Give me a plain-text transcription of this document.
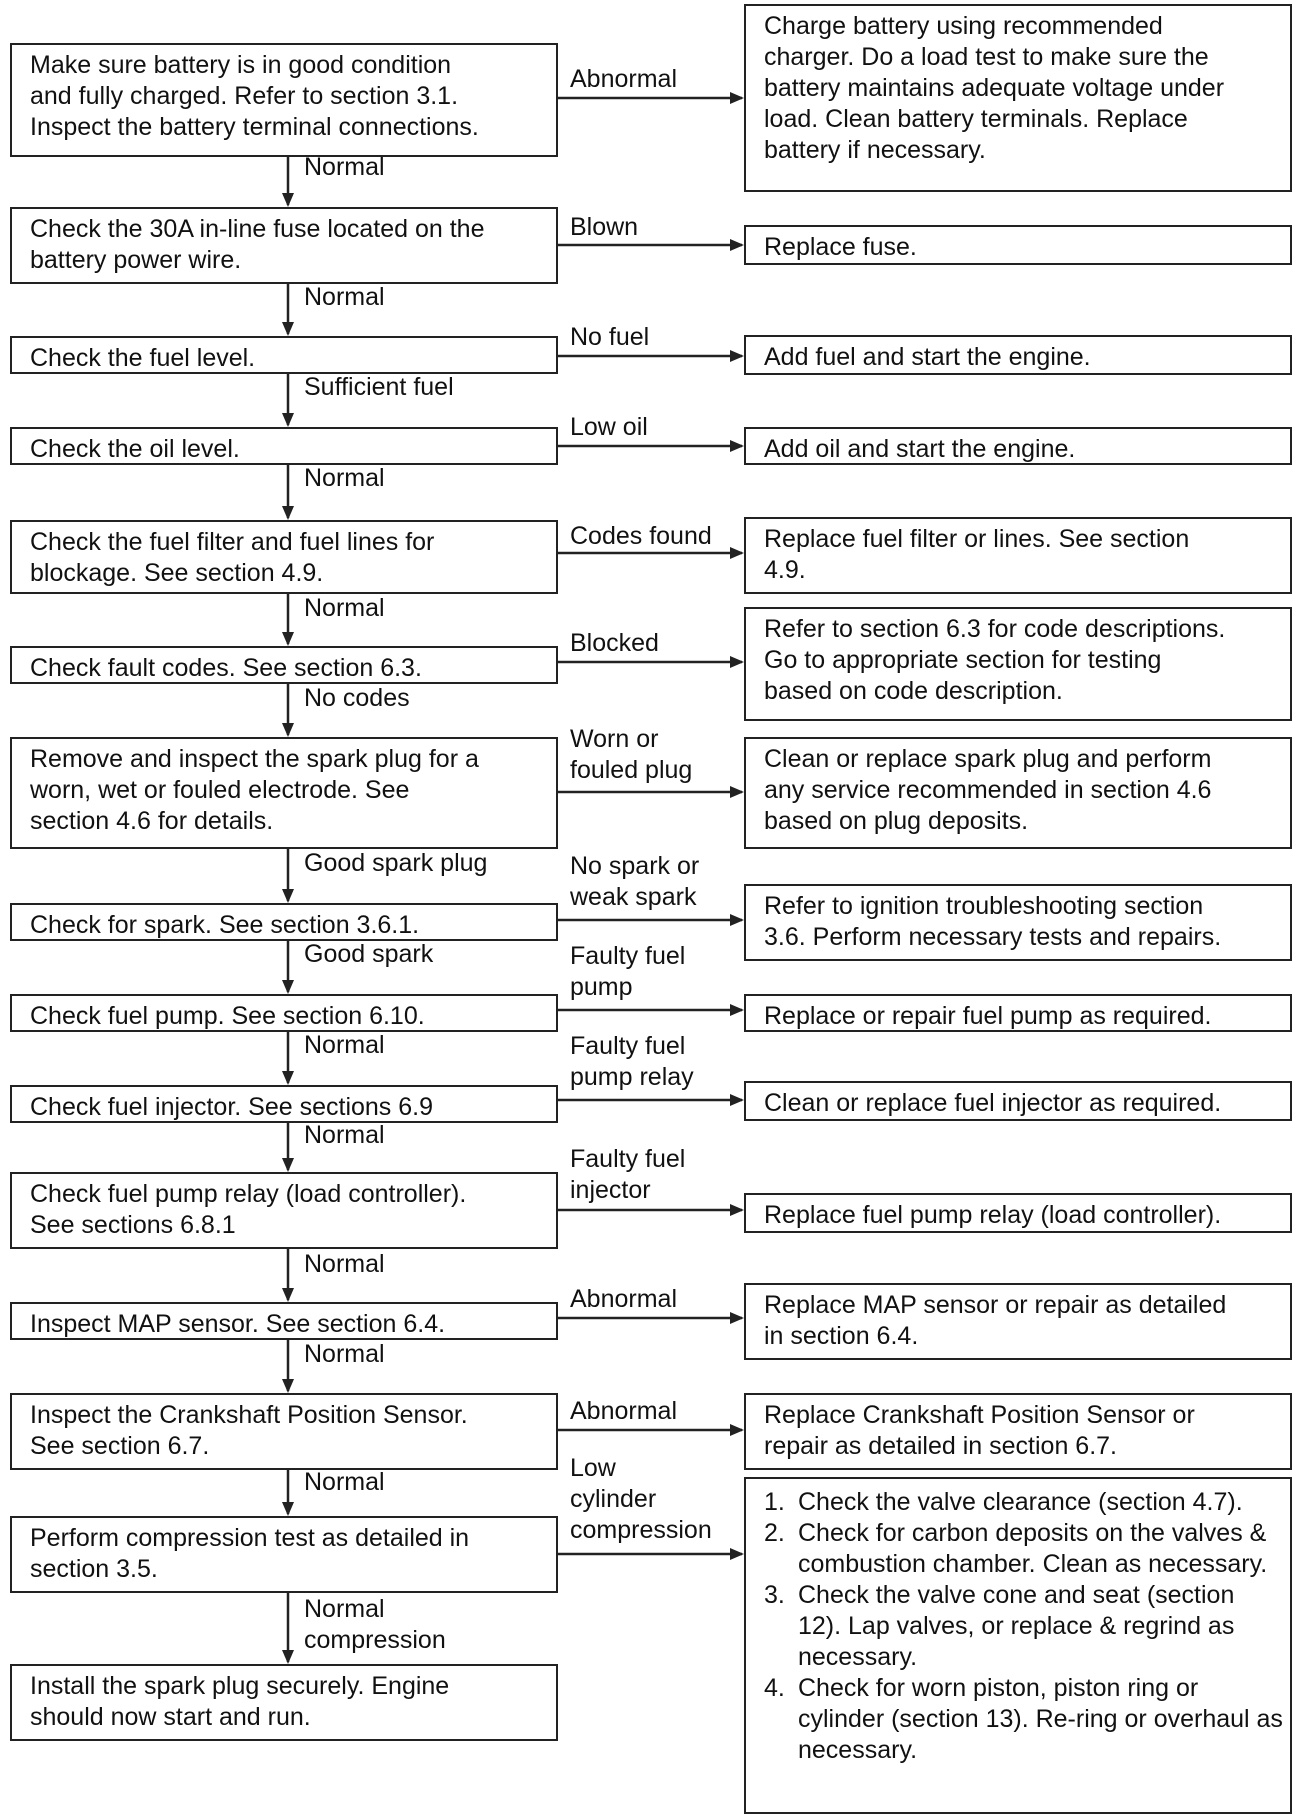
Make sure battery is in good condition
and fully charged. Refer to section 3.1.
Inspect the battery terminal connections.
Normal
Abnormal
Charge battery using recommended
charger. Do a load test to make sure the
battery maintains adequate voltage under
load. Clean battery terminals. Replace
battery if necessary.
Check the 30A in-line fuse located on the
battery power wire.
Normal
Blown
Replace fuse.
Check the fuel level.
Sufficient fuel
No fuel
Add fuel and start the engine.
Check the oil level.
Normal
Low oil
Add oil and start the engine.
Check the fuel filter and fuel lines for
blockage. See section 4.9.
Normal
Codes found	Replace fuel filter or lines. See section
4.9.
Check fault codes. See section 6.3.
No codes
Blocked	Refer to section 6.3 for code descriptions.
Go to appropriate section for testing
based on code description.
Remove and inspect the spark plug for a
worn, wet or fouled electrode. See
section 4.6 for details.
Good spark plug
Worn or
fouled plug	Clean or replace spark plug and perform
any service recommended in section 4.6
based on plug deposits.
Check for spark. See section 3.6.1.
Good spark
No spark or
weak spark	Refer to ignition troubleshooting section
3.6. Perform necessary tests and repairs.
Check fuel pump. See section 6.10.
Normal
Faulty fuel
pump
Replace or repair fuel pump as required.
Check fuel injector. See sections 6.9
Normal
Faulty fuel
pump relay
Clean or replace fuel injector as required.
Check fuel pump relay (load controller).
See sections 6.8.1
Normal
Faulty fuel
injector
Replace fuel pump relay (load controller).
Inspect MAP sensor. See section 6.4.
Normal
Abnormal	Replace MAP sensor or repair as detailed
in section 6.4.
Inspect the Crankshaft Position Sensor.
See section 6.7.
Normal
Abnormal	Replace Crankshaft Position Sensor or
repair as detailed in section 6.7.
Perform compression test as detailed in
section 3.5.
Normal
compression
Low
cylinder
compression
1. Check the valve clearance (section 4.7).
2. Check for carbon deposits on the valves & combustion chamber. Clean as necessary.
3. Check the valve cone and seat (section 12). Lap valves, or replace & regrind as necessary.
4. Check for worn piston, piston ring or cylinder (section 13). Re-ring or overhaul as necessary.
Install the spark plug securely. Engine
should now start and run.
